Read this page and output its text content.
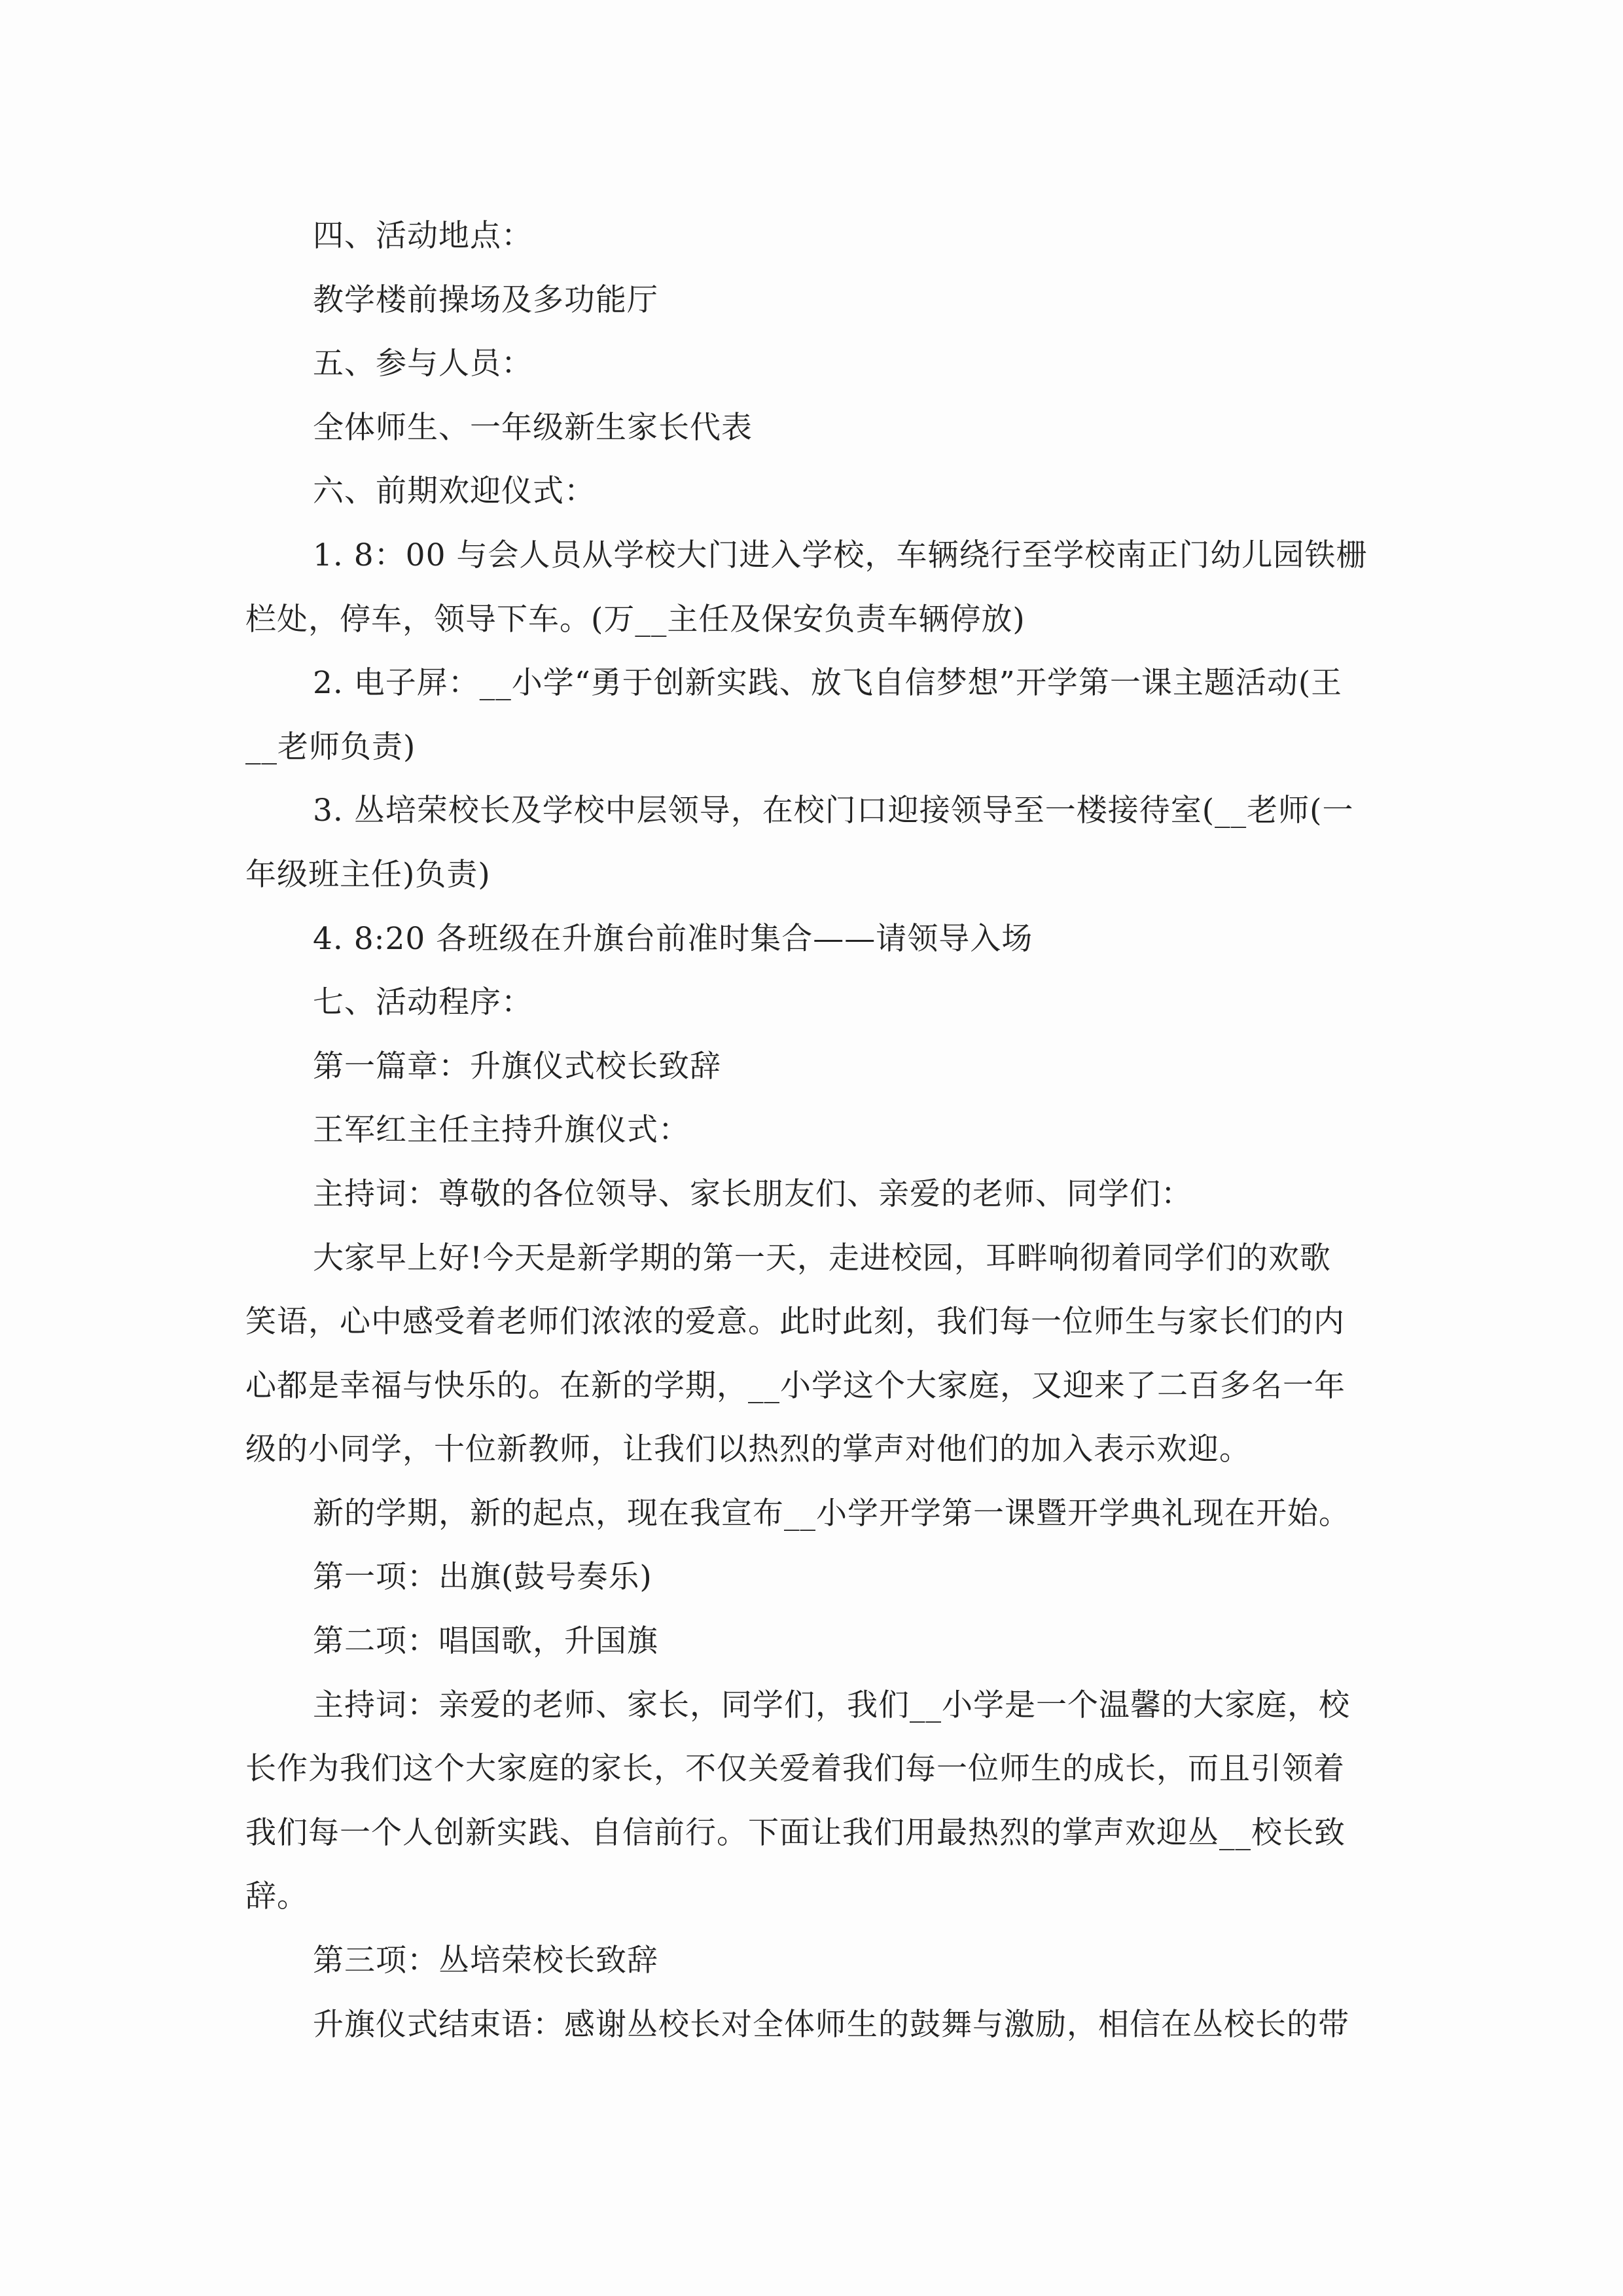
四、活动地点：
教学楼前操场及多功能厅
五、参与人员：
全体师生、一年级新生家长代表
六、前期欢迎仪式：
1. 8：00 与会人员从学校大门进入学校，车辆绕行至学校南正门幼儿园铁栅
栏处，停车，领导下车。(万__主任及保安负责车辆停放)
2. 电子屏：__小学“勇于创新实践、放飞自信梦想”开学第一课主题活动(王
__老师负责)
3. 丛培荣校长及学校中层领导，在校门口迎接领导至一楼接待室(__老师(一
年级班主任)负责)
4. 8:20 各班级在升旗台前准时集合——请领导入场
七、活动程序：
第一篇章：升旗仪式校长致辞
王军红主任主持升旗仪式：
主持词：尊敬的各位领导、家长朋友们、亲爱的老师、同学们：
大家早上好!今天是新学期的第一天，走进校园，耳畔响彻着同学们的欢歌
笑语，心中感受着老师们浓浓的爱意。此时此刻，我们每一位师生与家长们的内
心都是幸福与快乐的。在新的学期，__小学这个大家庭，又迎来了二百多名一年
级的小同学，十位新教师，让我们以热烈的掌声对他们的加入表示欢迎。
新的学期，新的起点，现在我宣布__小学开学第一课暨开学典礼现在开始。
第一项：出旗(鼓号奏乐)
第二项：唱国歌，升国旗
主持词：亲爱的老师、家长，同学们，我们__小学是一个温馨的大家庭，校
长作为我们这个大家庭的家长，不仅关爱着我们每一位师生的成长，而且引领着
我们每一个人创新实践、自信前行。下面让我们用最热烈的掌声欢迎丛__校长致
辞。
第三项：丛培荣校长致辞
升旗仪式结束语：感谢丛校长对全体师生的鼓舞与激励，相信在丛校长的带
